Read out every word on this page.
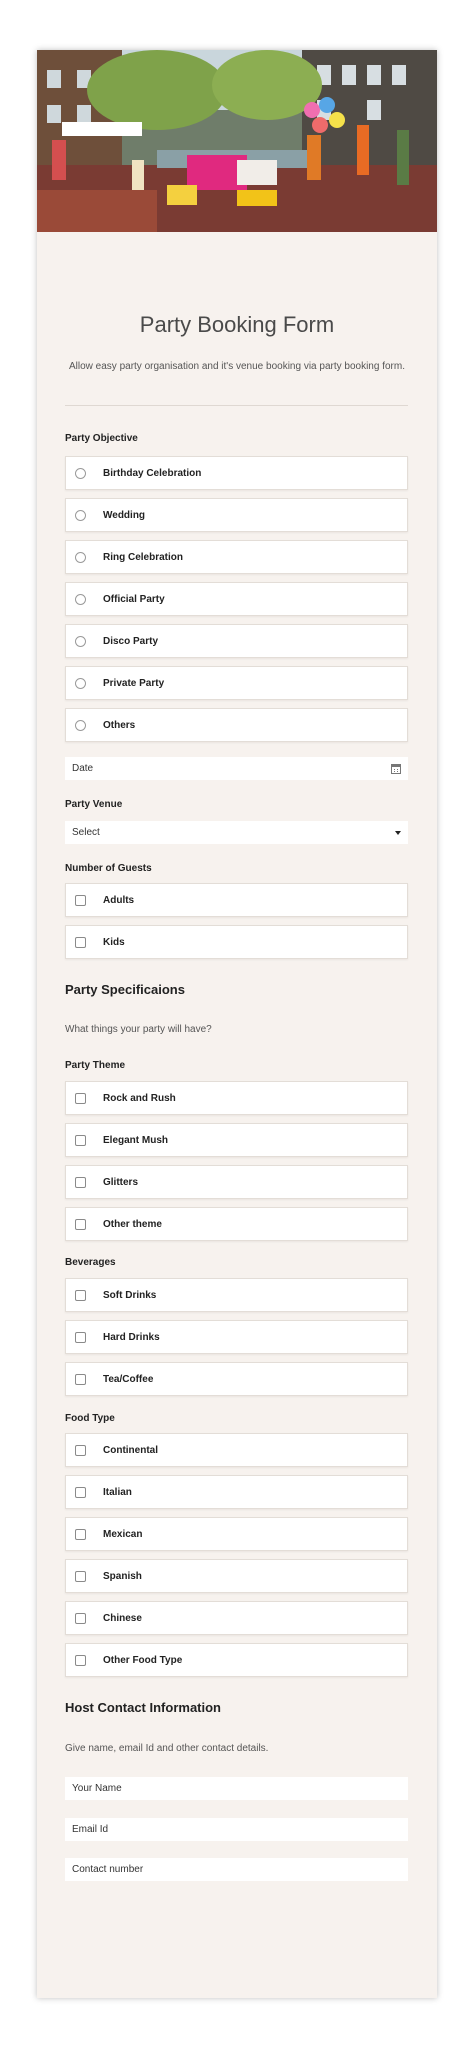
Party Booking Form

Allow easy party organisation and it's venue booking via party booking form.

Party Objective
Birthday Celebration
Wedding
Ring Celebration
Official Party
Disco Party
Private Party
Others
Date
Party Venue
Select
Number of Guests
Adults
Kids
Party Specificaions
What things your party will have?
Party Theme
Rock and Rush
Elegant Mush
Glitters
Other theme
Beverages
Soft Drinks
Hard Drinks
Tea/Coffee
Food Type
Continental
Italian
Mexican
Spanish
Chinese
Other Food Type
Host Contact Information
Give name, email Id and other contact details.
Your Name
Email Id
Contact number
